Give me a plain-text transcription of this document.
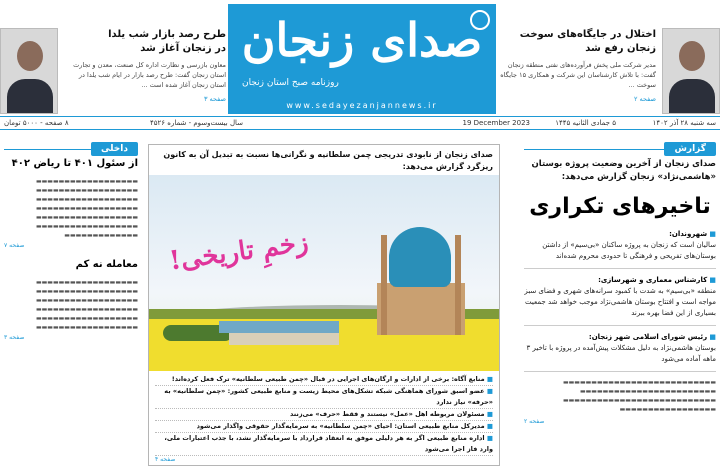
اختلال در جایگاه‌های سوخت
زنجان رفع شد
مدیر شرکت ملی پخش فرآورده‌های نفتی منطقه زنجان گفت: با تلاش کارشناسان این شرکت و همکاری ۱۵ جایگاه سوخت ...
صفحه ۲
صدای زنجان
روزنامه صبح استان زنجان
www.sedayezanjannews.ir
طرح رصد بازار شب یلدا
در زنجان آغاز شد
معاون بازرسی و نظارت اداره کل صنعت، معدن و تجارت استان زنجان گفت: طرح رصد بازار در ایام شب یلدا در استان زنجان آغاز شده است ...
صفحه ۳
سه شنبه ۲۸ آذر ۱۴۰۲
۵ جمادی الثانیه ۱۴۴۵
19 December 2023
سال بیست‌وسوم - شماره ۴۵۲۶
۸ صفحه - ۵۰۰۰ تومان
گزارش
صدای زنجان از آخرین وضعیت پروژه بوستان «هاشمی‌نژاد» زنجان گزارش می‌دهد:
تاخیرهای تکراری
■ شهروندان:
سالیان است که زنجان به پروژه ساکنان «بی‌سیم» از داشتن بوستان‌های تفریحی و فرهنگی تا حدودی محروم شده‌اند
■ کارشناس معماری و شهرسازی:
منطقه «بی‌سیم» به شدت با کمبود سرانه‌های شهری و فضای سبز مواجه است و افتتاح بوستان هاشمی‌نژاد موجب خواهد شد جمعیت بسیاری از این فضا بهره ببرند
■ رئیس شورای اسلامی شهر زنجان:
بوستان هاشمی‌نژاد به دلیل مشکلات پیش‌آمده در پروژه با تاخیر ۳ ماهه آماده می‌شود
▬▬▬▬▬▬▬▬▬▬▬▬▬▬▬▬▬▬▬▬▬▬▬▬▬▬▬ ▬▬▬▬▬▬▬▬▬▬▬▬▬▬▬▬▬▬▬▬▬▬▬▬ ▬▬▬▬▬▬▬▬▬▬▬▬▬▬▬▬▬▬▬▬▬▬▬▬▬▬▬ ▬▬▬▬▬▬▬▬▬▬▬▬▬▬▬▬▬
صفحه ۲
داخلی
از سئول ۴۰۱ تا ریاض ۴۰۲
▬▬▬▬▬▬▬▬▬▬▬▬▬▬▬▬▬▬ ▬▬▬▬▬▬▬▬▬▬▬▬▬▬▬▬▬▬ ▬▬▬▬▬▬▬▬▬▬▬▬▬▬▬▬▬▬ ▬▬▬▬▬▬▬▬▬▬▬▬▬▬▬▬▬▬ ▬▬▬▬▬▬▬▬▬▬▬▬▬▬▬▬▬▬ ▬▬▬▬▬▬▬▬▬▬▬▬▬▬▬▬▬▬ ▬▬▬▬▬▬▬▬▬▬▬▬▬
صفحه ۷
معامله‌ نه کم
▬▬▬▬▬▬▬▬▬▬▬▬▬▬▬▬▬▬ ▬▬▬▬▬▬▬▬▬▬▬▬▬▬▬▬▬▬ ▬▬▬▬▬▬▬▬▬▬▬▬▬▬▬▬▬▬ ▬▬▬▬▬▬▬▬▬▬▬▬▬▬▬▬▬▬ ▬▬▬▬▬▬▬▬▬▬▬▬▬▬▬▬▬▬ ▬▬▬▬▬▬▬▬▬▬▬▬▬▬▬▬▬▬
صفحه ۳
صدای زنجان از نابودی تدریجی چمن سلطانیه و نگرانی‌ها نسبت به تبدیل آن به کانون ریزگرد گزارش می‌دهد:
زخمِ تاریخی!
■ منابع آگاه: برخی از ادارات و ارگان‌های اجرایی در قبال «چمن طبیعی سلطانیه» ترک فعل کرده‌اند!
■ عضو اسبق شورای هماهنگی شبکه تشکل‌های محیط زیست و منابع طبیعی کشور: «چمن سلطانیه» به «حرفه» نیاز ندارد
■ مسئولان مربوطه اهل «عمل» نیستند و فقط «حرف» می‌زنند
■ مدیرکل منابع طبیعی استان: احیای «چمن سلطانیه» به سرمایه‌گذار حقوقی واگذار می‌شود
■ اداره منابع طبیعی اگر به هر دلیلی موفق به انعقاد قرارداد با سرمایه‌گذار نشد، با جذب اعتبارات ملی، وارد فاز اجرا می‌شود
صفحه ۴
